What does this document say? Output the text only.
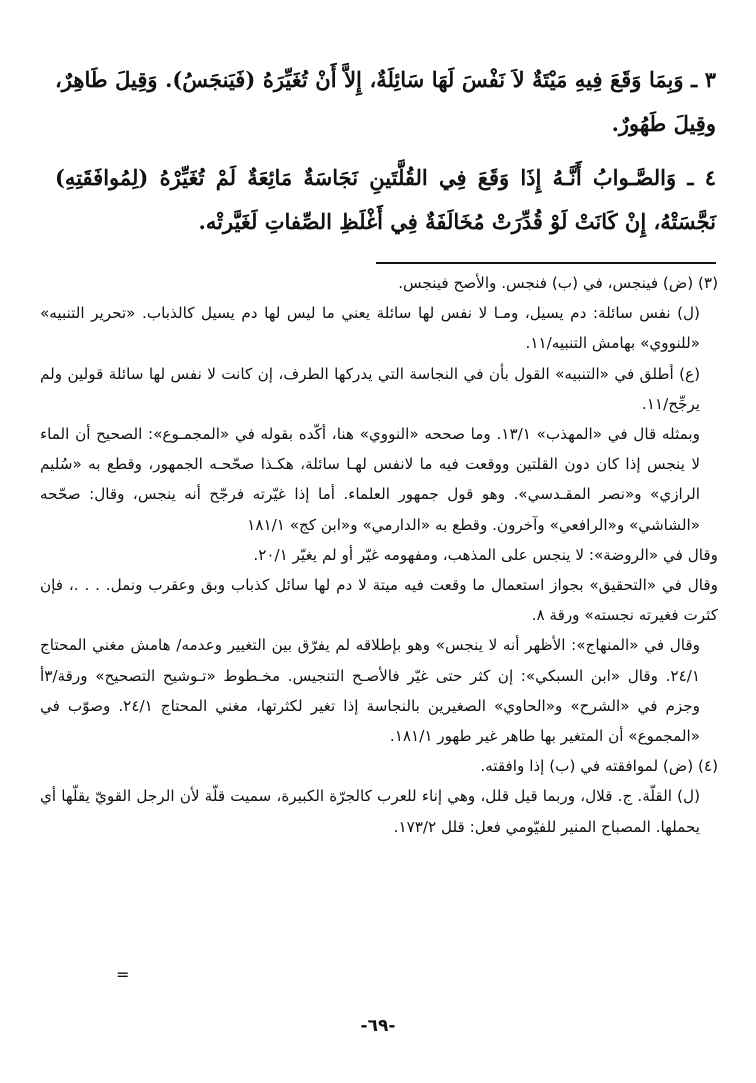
٣ ـ وَبِمَا وَقَعَ فِيهِ مَيْتَةٌ لاَ نَفْسَ لَهَا سَائِلَةٌ، إِلاَّ أَنْ تُغَيِّرَهُ (فَيَنجَسُ). وَقِيلَ طَاهِرٌ، وقِيلَ طَهُورٌ.

٤ ـ وَالصَّـوابُ أَنَّـهُ إِذَا وَقَعَ فِي القُلَّتَينِ نَجَاسَةٌ مَائِعَةٌ لَمْ تُغَيِّرْهُ (لِمُوافَقَتِهِ) نَجَّسَتْهُ، إِنْ كَانَتْ لَوْ قُدِّرَتْ مُخَالَفَةٌ فِي أَغْلَظِ الصِّفاتِ لَغَيَّرتْه.

(٣) (ض) فينجس، في (ب) فنجس. والأصح فينجس.

(ل) نفس سائلة: دم يسيل، ومـا لا نفس لها سائلة يعني ما ليس لها دم يسيل كالذباب. «تحرير التنبيه» «للنووي» بهامش التنبيه/١١.

(ع) أطلق في «التنبيه» القول بأن في النجاسة التي يدركها الطرف، إن كانت لا نفس لها سائلة قولين ولم يرجِّح/١١.

وبمثله قال في «المهذب» ١٣/١. وما صححه «النووي» هنا، أكّده بقوله في «المجمـوع»: الصحيح أن الماء لا ينجس إذا كان دون القلتين ووقعت فيه ما لانفس لهـا سائلة، هكـذا صحّحـه الجمهور، وقطع به «سُليم الرازي» و«نصر المقـدسي». وهو قول جمهور العلماء. أما إذا غيّرته فرجّح أنه ينجس، وقال: صحّحه «الشاشي» و«الرافعي» وآخرون. وقطع به «الدارمي» و«ابن كج» ١٨١/١

وقال في «الروضة»: لا ينجس على المذهب، ومفهومه غيّر أو لم يغيّر ٢٠/١.

وقال في «التحقيق» بجواز استعمال ما وقعت فيه ميتة لا دم لها سائل كذباب وبق وعقرب ونمل. . . .، فإن كثرت فغيرته نجسته» ورقة ٨.

وقال في «المنهاج»: الأظهر أنه لا ينجس» وهو بإطلاقه لم يفرّق بين التغيير وعدمه/ هامش مغني المحتاج ٢٤/١. وقال «ابن السبكي»: إن كثر حتى غيّر فالأصـح التنجيس. مخـطوط «تـوشيح التصحيح» ورقة/٣أ وجزم في «الشرح» و«الحاوي» الصغيرين بالنجاسة إذا تغير لكثرتها، مغني المحتاج ٢٤/١. وصوّب في «المجموع» أن المتغير بها طاهر غير طهور ١٨١/١.

(٤) (ض) لموافقته في (ب) إذا وافقته.

(ل) القلّة. ج. قلال، وربما قيل قلل، وهي إناء للعرب كالجرّة الكبيرة، سميت قلّة لأن الرجل القويّ يقلّها أي يحملها. المصباح المنير للفيّومي فعل: قلل ١٧٣/٢.

=
-٦٩-
